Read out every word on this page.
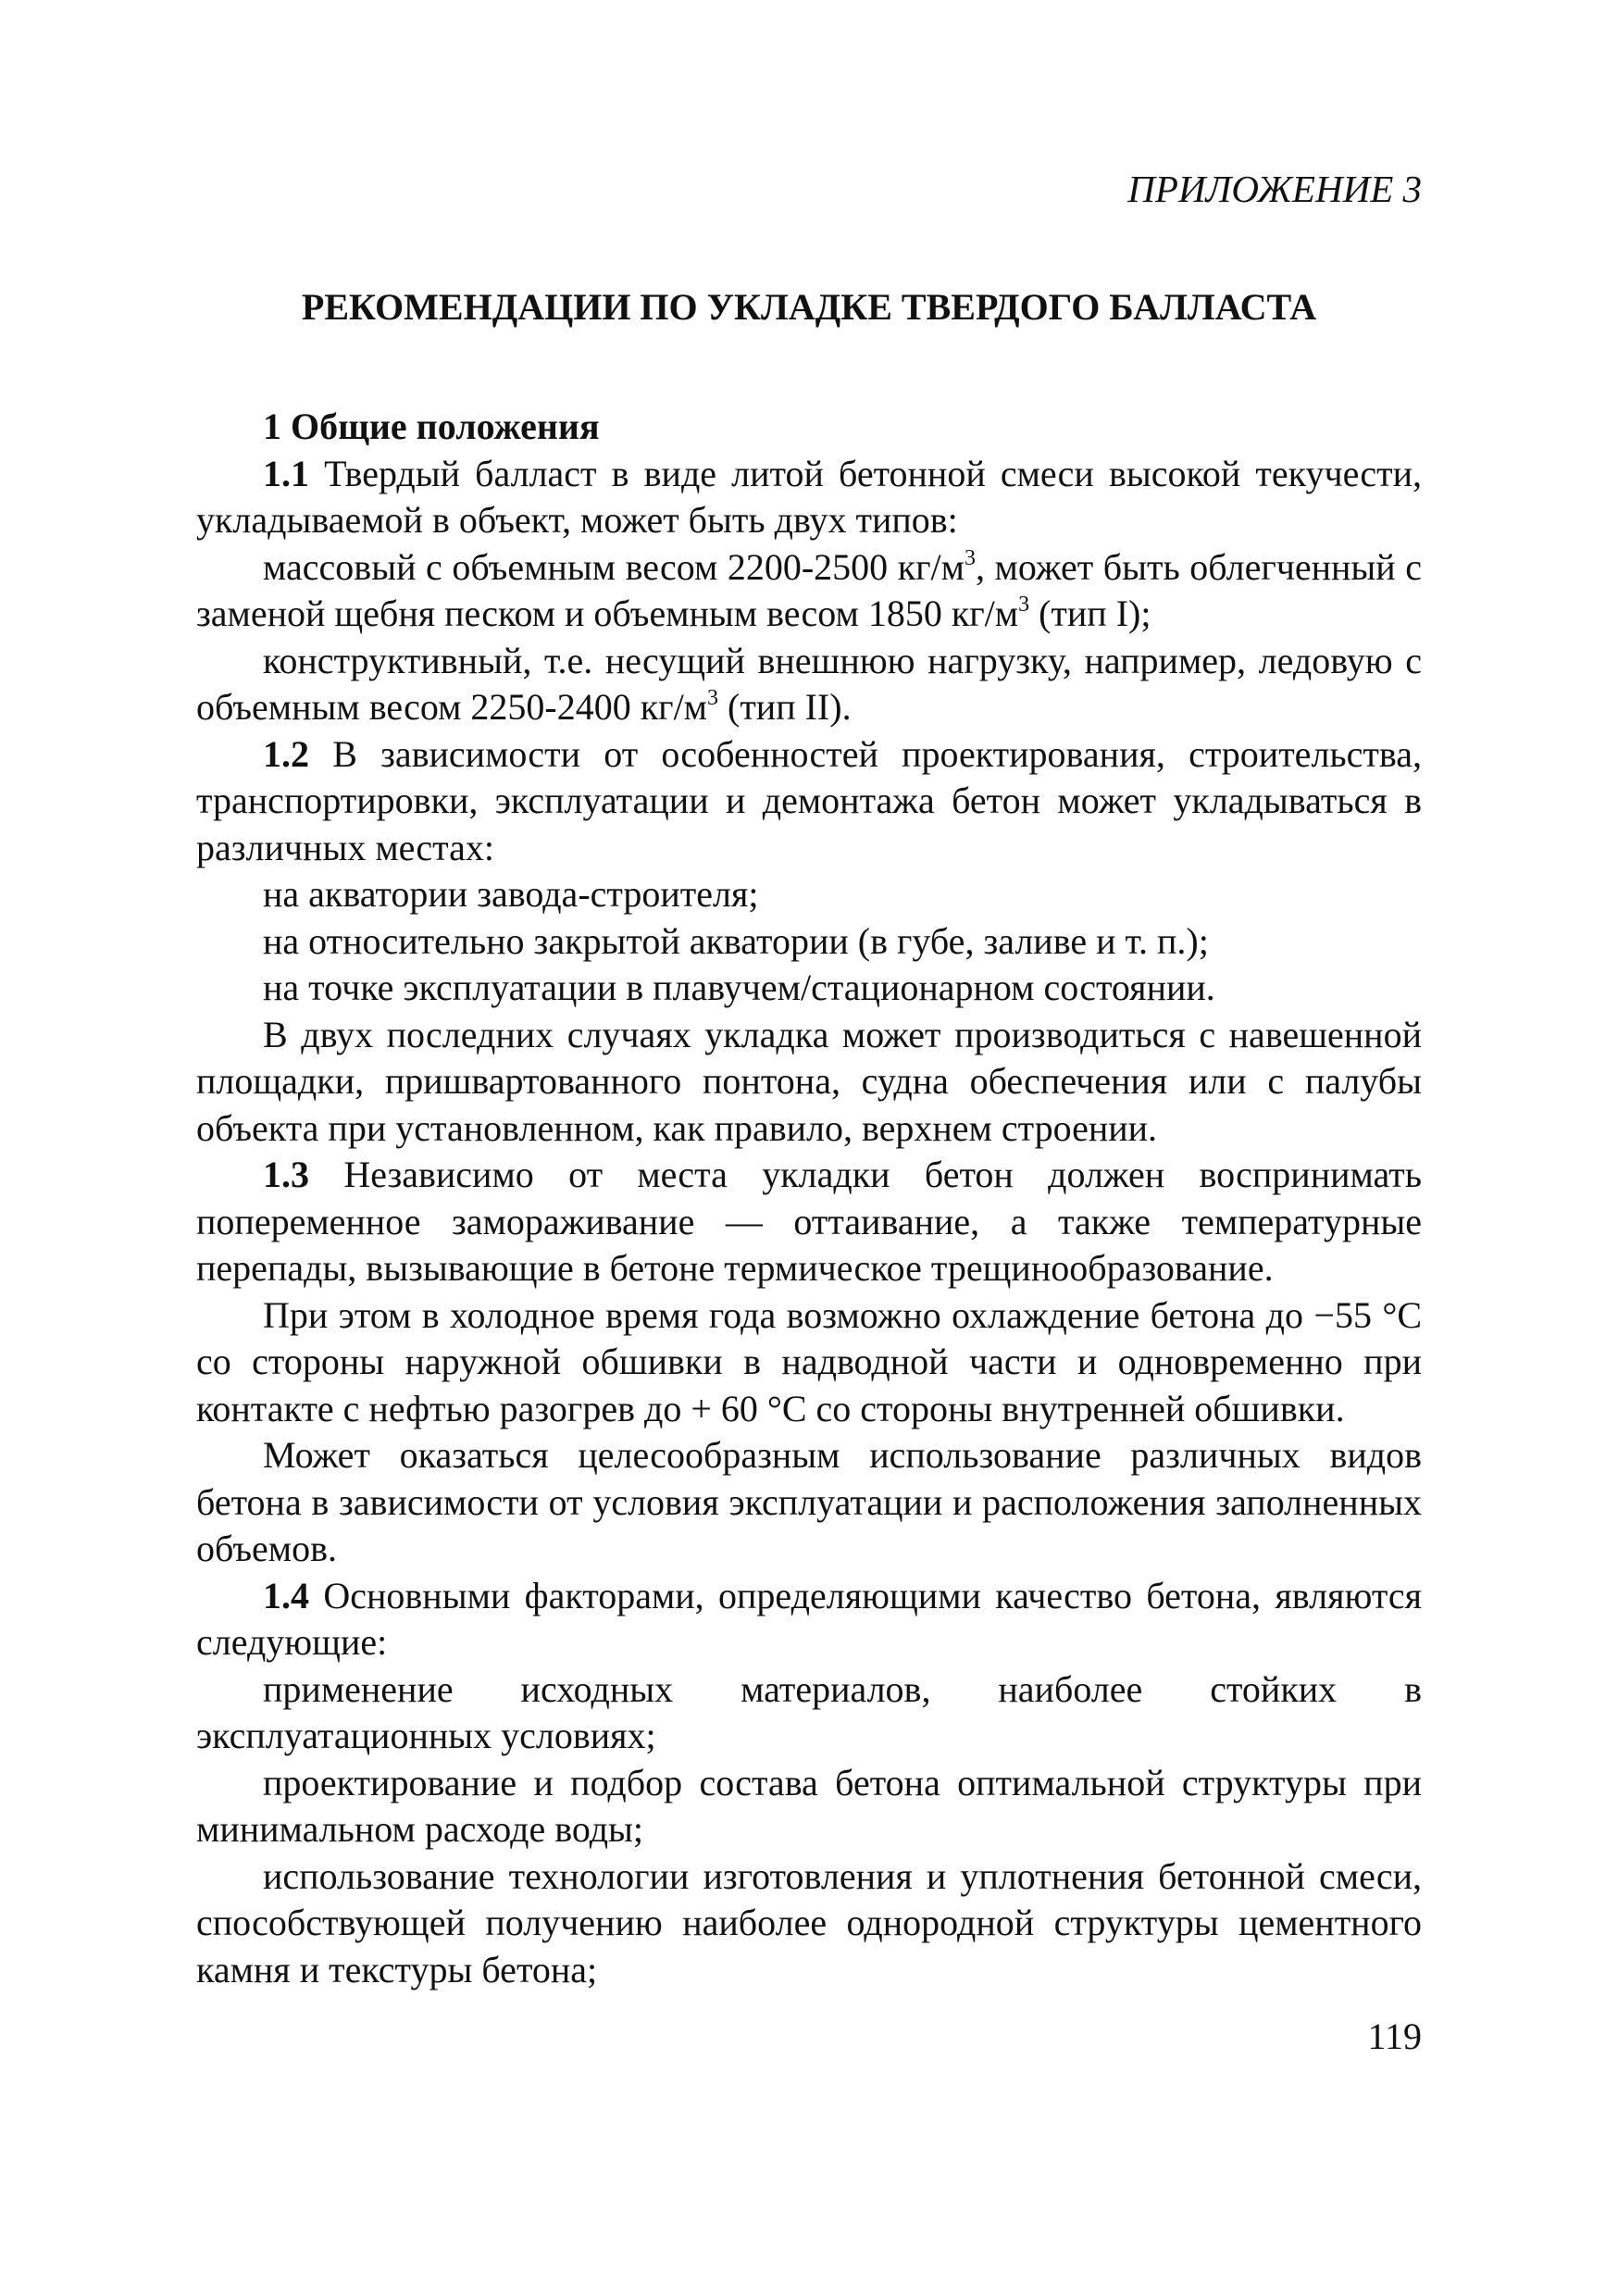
ПРИЛОЖЕНИЕ 3

РЕКОМЕНДАЦИИ ПО УКЛАДКЕ ТВЕРДОГО БАЛЛАСТА
1 Общие положения

1.1 Твердый балласт в виде литой бетонной смеси высокой текучести, укладываемой в объект, может быть двух типов:

массовый с объемным весом 2200-2500 $кг/м^3$, может быть облегченный с заменой щебня песком и объемным весом 1850 $кг/м^3$ (тип I);

конструктивный, т.е. несущий внешнюю нагрузку, например, ледовую с объемным весом 2250-2400 $кг/м^3$ (тип II).

1.2 В зависимости от особенностей проектирования, строительства, транспортировки, эксплуатации и демонтажа бетон может укладываться в различных местах:

на акватории завода-строителя;

на относительно закрытой акватории (в губе, заливе и т. п.);

на точке эксплуатации в плавучем/стационарном состоянии.

В двух последних случаях укладка может производиться с навешенной площадки, пришвартованного понтона, судна обеспечения или с палубы объекта при установленном, как правило, верхнем строении.

1.3 Независимо от места укладки бетон должен воспринимать попеременное замораживание — оттаивание, а также температурные перепады, вызывающие в бетоне термическое трещинообразование.

При этом в холодное время года возможно охлаждение бетона до −55 °С со стороны наружной обшивки в надводной части и одновременно при контакте с нефтью разогрев до + 60 °С со стороны внутренней обшивки.

Может оказаться целесообразным использование различных видов бетона в зависимости от условия эксплуатации и расположения заполненных объемов.

1.4 Основными факторами, определяющими качество бетона, являются следующие:

применение исходных материалов, наиболее стойких в эксплуатационных условиях;

проектирование и подбор состава бетона оптимальной структуры при минимальном расходе воды;

использование технологии изготовления и уплотнения бетонной смеси, способствующей получению наиболее однородной структуры цементного камня и текстуры бетона;

119
